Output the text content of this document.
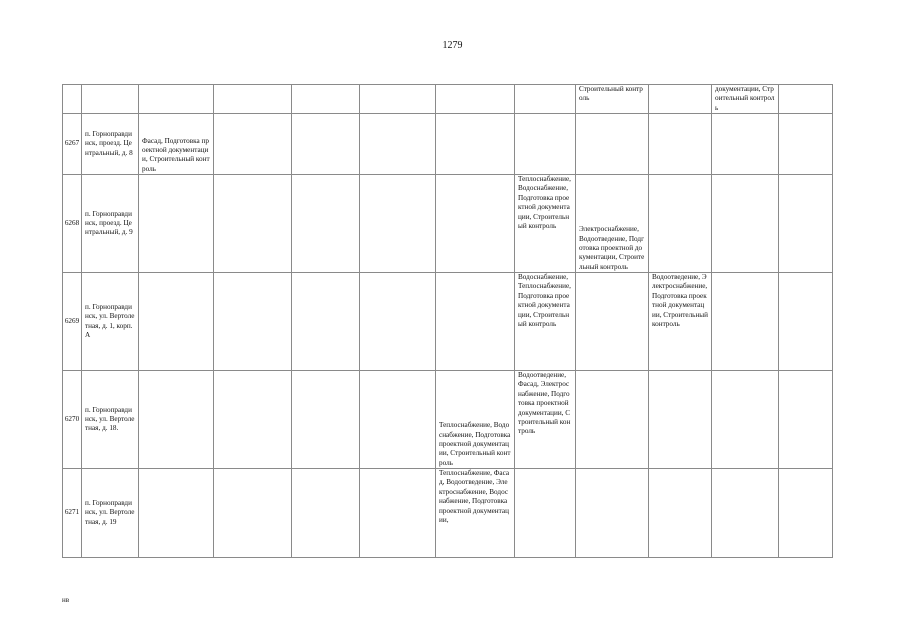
1279
								Строительный контроль		документации, Строительный контроль	
6267	п. Горноправдинск, проезд. Центральный, д. 8	Фасад, Подготовка проектной документации, Строительный контроль									
6268	п. Горноправдинск, проезд. Центральный, д. 9						Теплоснабжение, Водоснабжение, Подготовка проектной документации, Строительный контроль	Электроснабжение, Водоотведение, Подготовка проектной документации, Строительный контроль			
6269	п. Горноправдинск, ул. Вертолетная, д. 1, корп. А						Водоснабжение, Теплоснабжение, Подготовка проектной документации, Строительный контроль		Водоотведение, Электроснабжение, Подготовка проектной документации, Строительный контроль		
6270	п. Горноправдинск, ул. Вертолетная, д. 18.					Теплоснабжение, Водоснабжение, Подготовка проектной документации, Строительный контроль	Водоотведение, Фасад, Электроснабжение, Подготовка проектной документации, Строительный контроль				
6271	п. Горноправдинск, ул. Вертолетная, д. 19					Теплоснабжение, Фасад, Водоотведение, Электроснабжение, Водоснабжение, Подготовка проектной документации,					
нв
